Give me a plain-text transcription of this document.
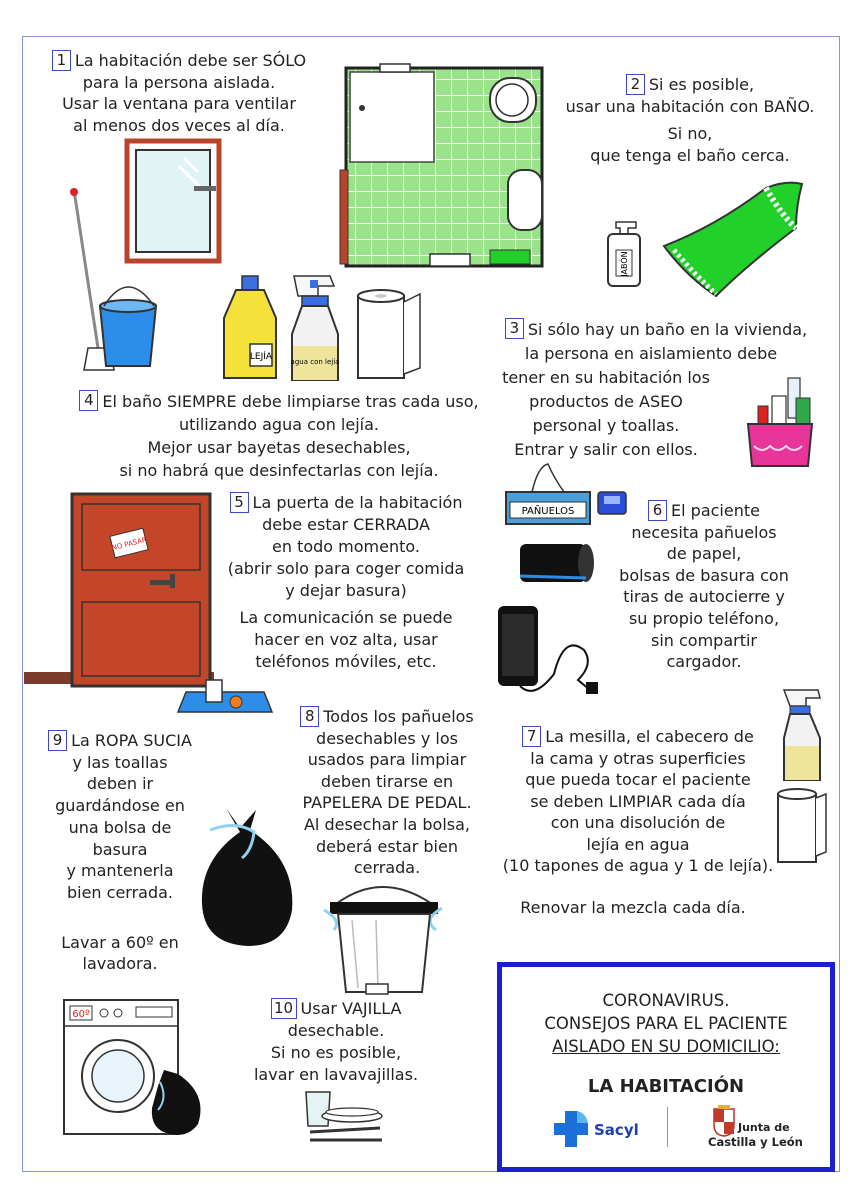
1 La habitación debe ser SÓLO
para la persona aislada.
Usar la ventana para ventilar
al menos dos veces al día.
2 Si es posible,
usar una habitación con BAÑO.
Si no,
que tenga el baño cerca.
3 Si sólo hay un baño en la vivienda,
la persona en aislamiento debe
tener en su habitación los
productos de ASEO
personal y toallas.
Entrar y salir con ellos.
4 El baño SIEMPRE debe limpiarse tras cada uso,
utilizando agua con lejía.
Mejor usar bayetas desechables,
si no habrá que desinfectarlas con lejía.
5 La puerta de la habitación
debe estar CERRADA
en todo momento.
(abrir solo para coger comida
y dejar basura)
La comunicación se puede
hacer en voz alta, usar
teléfonos móviles, etc.
6 El paciente
necesita pañuelos
de papel,
bolsas de basura con
tiras de autocierre y
su propio teléfono,
sin compartir
cargador.
7 La mesilla, el cabecero de
la cama y otras superficies
que pueda tocar el paciente
se deben LIMPIAR cada día
con una disolución de
lejía en agua
(10 tapones de agua y 1 de lejía).
Renovar la mezcla cada día.
8 Todos los pañuelos
desechables y los
usados para limpiar
deben tirarse en
PAPELERA DE PEDAL.
Al desechar la bolsa,
deberá estar bien
cerrada.
9 La ROPA SUCIA
y las toallas
deben ir
guardándose en
una bolsa de
basura
y mantenerla
bien cerrada.
Lavar a 60º en
lavadora.
10 Usar VAJILLA
desechable.
Si no es posible,
lavar en lavavajillas.
LEJÍA	agua con lejía
JABÓN
NO PASAR
PAÑUELOS
60º
CORONAVIRUS.
CONSEJOS PARA EL PACIENTE
AISLADO EN SU DOMICILIO:
LA HABITACIÓN
Sacyl	Junta de
Castilla y León
